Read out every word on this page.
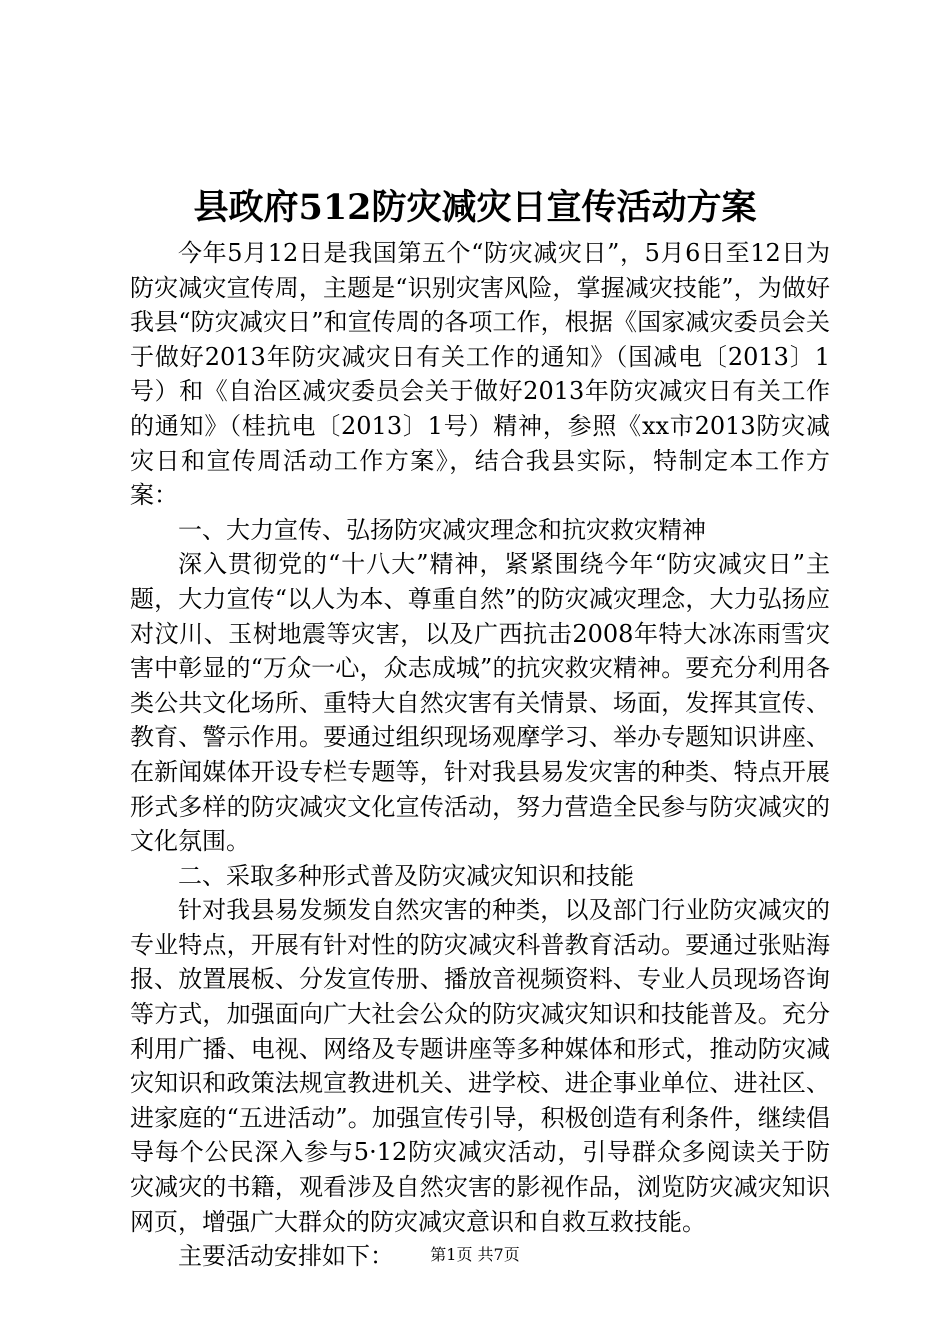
县政府512防灾减灾日宣传活动方案

今年5月12日是我国第五个“防灾减灾日”，5月6日至12日为防灾减灾宣传周，主题是“识别灾害风险，掌握减灾技能”，为做好我县“防灾减灾日”和宣传周的各项工作，根据《国家减灾委员会关于做好2013年防灾减灾日有关工作的通知》（国减电〔2013〕1号）和《自治区减灾委员会关于做好2013年防灾减灾日有关工作的通知》（桂抗电〔2013〕1号）精神，参照《xx市2013防灾减灾日和宣传周活动工作方案》，结合我县实际，特制定本工作方案：

一、大力宣传、弘扬防灾减灾理念和抗灾救灾精神

深入贯彻党的“十八大”精神，紧紧围绕今年“防灾减灾日”主题，大力宣传“以人为本、尊重自然”的防灾减灾理念，大力弘扬应对汶川、玉树地震等灾害，以及广西抗击2008年特大冰冻雨雪灾害中彰显的“万众一心，众志成城”的抗灾救灾精神。要充分利用各类公共文化场所、重特大自然灾害有关情景、场面，发挥其宣传、教育、警示作用。要通过组织现场观摩学习、举办专题知识讲座、在新闻媒体开设专栏专题等，针对我县易发灾害的种类、特点开展形式多样的防灾减灾文化宣传活动，努力营造全民参与防灾减灾的文化氛围。

二、采取多种形式普及防灾减灾知识和技能

针对我县易发频发自然灾害的种类，以及部门行业防灾减灾的专业特点，开展有针对性的防灾减灾科普教育活动。要通过张贴海报、放置展板、分发宣传册、播放音视频资料、专业人员现场咨询等方式，加强面向广大社会公众的防灾减灾知识和技能普及。充分利用广播、电视、网络及专题讲座等多种媒体和形式，推动防灾减灾知识和政策法规宣教进机关、进学校、进企事业单位、进社区、进家庭的“五进活动”。加强宣传引导，积极创造有利条件，继续倡导每个公民深入参与5·12防灾减灾活动，引导群众多阅读关于防灾减灾的书籍，观看涉及自然灾害的影视作品，浏览防灾减灾知识网页，增强广大群众的防灾减灾意识和自救互救技能。

主要活动安排如下：	第1页 共7页
